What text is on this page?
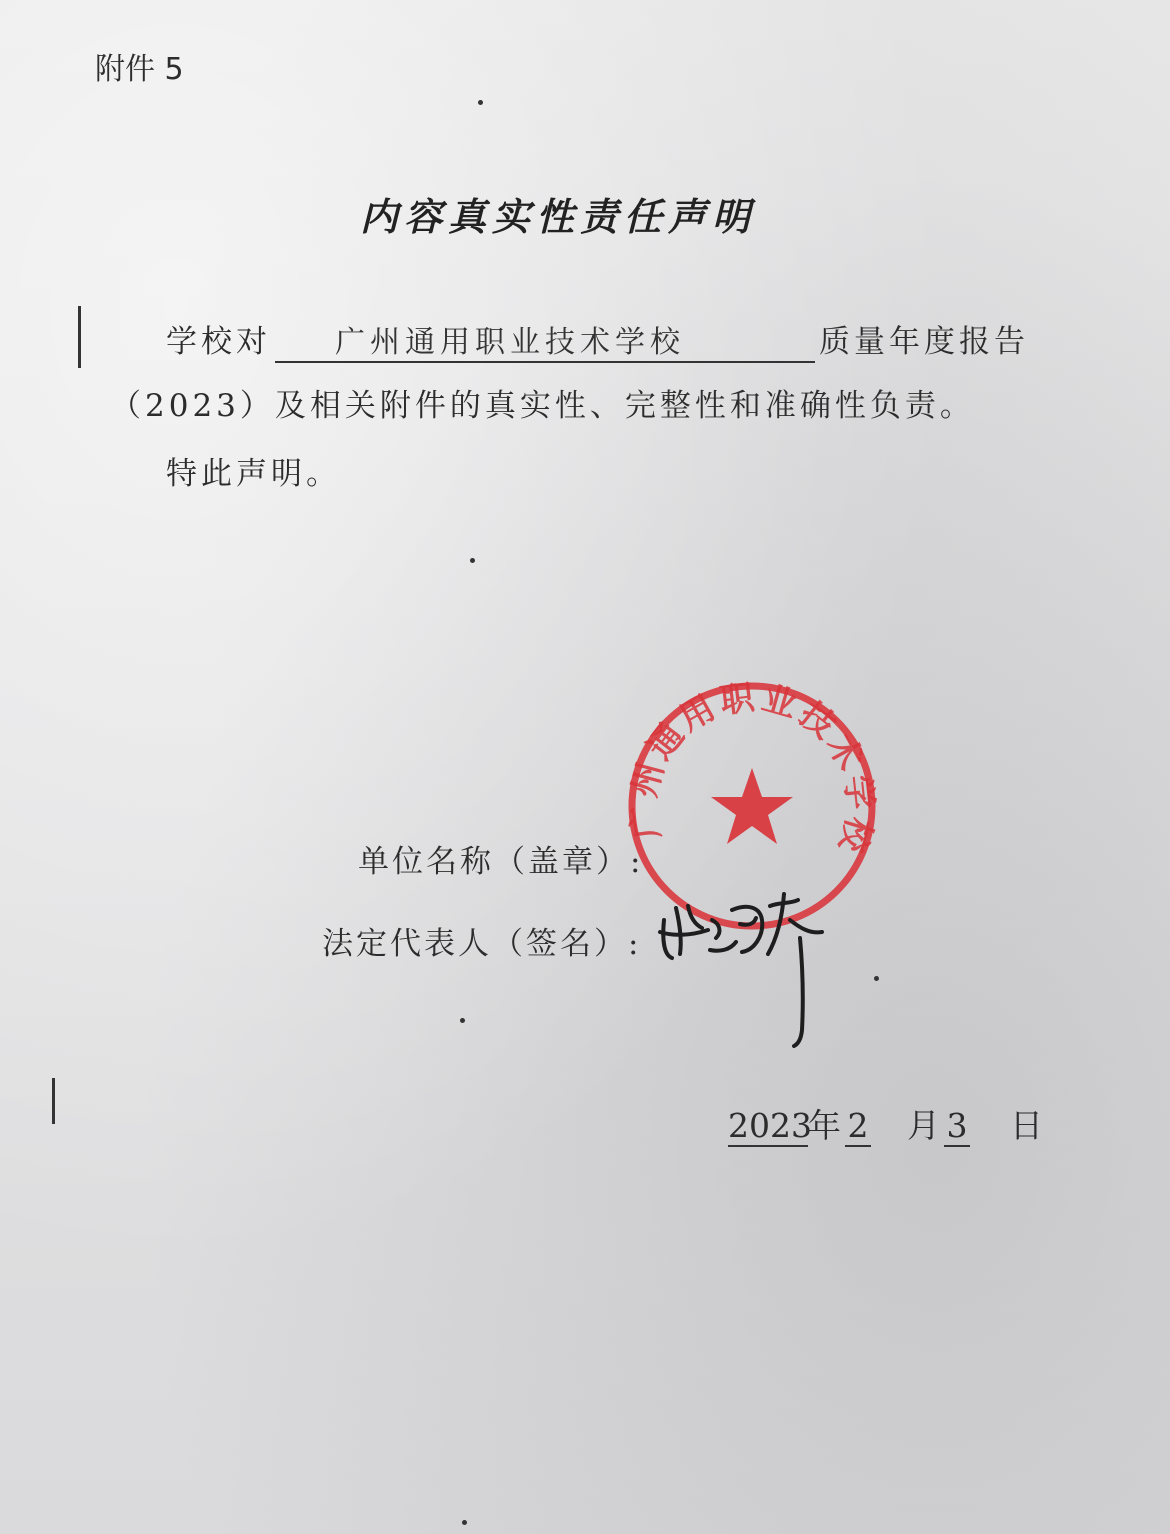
附件 5
内容真实性责任声明
学校对 广州通用职业技术学校	质量年度报告
（2023）及相关附件的真实性、完整性和准确性负责。
特此声明。
单位名称（盖章）:
法定代表人（签名）:
广州通用职业技术学校
2023年 2 月 3 日
